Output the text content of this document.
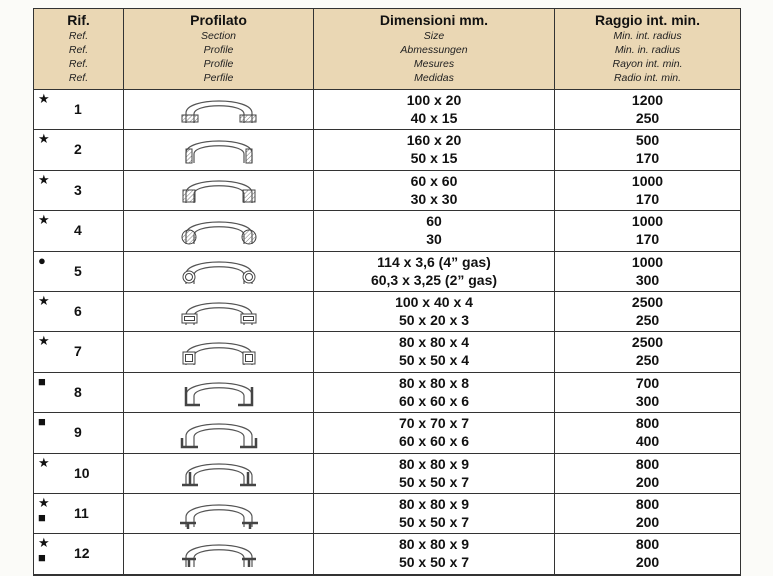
Rif.
Ref.
Ref.
Ref.
Ref.
Profilato
Section
Profile
Profile
Perfile
Dimensioni mm.
Size
Abmessungen
Mesures
Medidas
Raggio int. min.
Min. int. radius
Min. in. radius
Rayon int. min.
Radio int. min.
★
1
100 x 20
40 x 15
1200
250
★
2
160 x 20
50 x 15
500
170
★
3
60 x 60
30 x 30
1000
170
★
4
60
30
1000
170
●
5
114 x 3,6 (4” gas)
60,3 x 3,25 (2” gas)
1000
300
★
6
100 x 40 x 4
50 x 20 x 3
2500
250
★
7
80 x 80 x 4
50 x 50 x 4
2500
250
■
8
80 x 80 x 8
60 x 60 x 6
700
300
■
9
70 x 70 x 7
60 x 60 x 6
800
400
★
10
80 x 80 x 9
50 x 50 x 7
800
200
★
■ 11
80 x 80 x 9
50 x 50 x 7
800
200
★
■ 12
80 x 80 x 9
50 x 50 x 7
800
200
